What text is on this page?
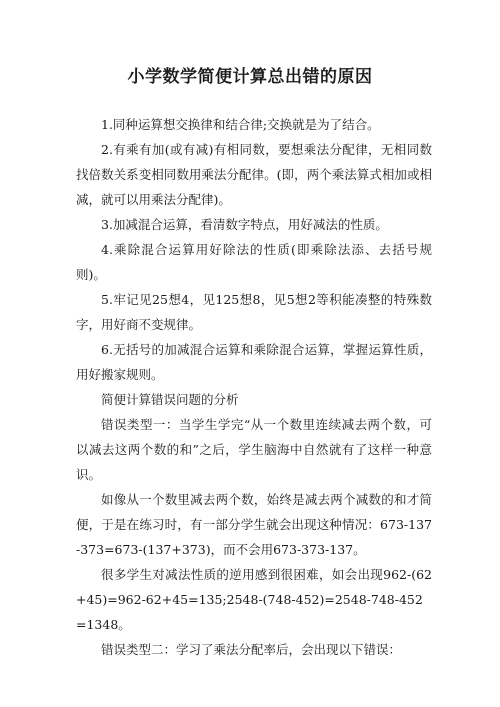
小学数学简便计算总出错的原因

1.同种运算想交换律和结合律;交换就是为了结合。

2.有乘有加(或有减)有相同数，要想乘法分配律，无相同数找倍数关系变相同数用乘法分配律。(即，两个乘法算式相加或相减，就可以用乘法分配律)。

3.加减混合运算，看清数字特点，用好减法的性质。

4.乘除混合运算用好除法的性质(即乘除法添、去括号规则)。

5.牢记见25想4，见125想8，见5想2等积能凑整的特殊数字，用好商不变规律。

6.无括号的加减混合运算和乘除混合运算，掌握运算性质，用好搬家规则。

简便计算错误问题的分析

错误类型一：当学生学完“从一个数里连续减去两个数，可以减去这两个数的和”之后，学生脑海中自然就有了这样一种意识。

如像从一个数里减去两个数，始终是减去两个减数的和才简便，于是在练习时，有一部分学生就会出现这种情况：673-137-373=673-(137+373)，而不会用673-373-137。

很多学生对减法性质的逆用感到很困难，如会出现962-(62+45)=962-62+45=135;2548-(748-452)=2548-748-452=1348。

错误类型二：学习了乘法分配率后，会出现以下错误：
